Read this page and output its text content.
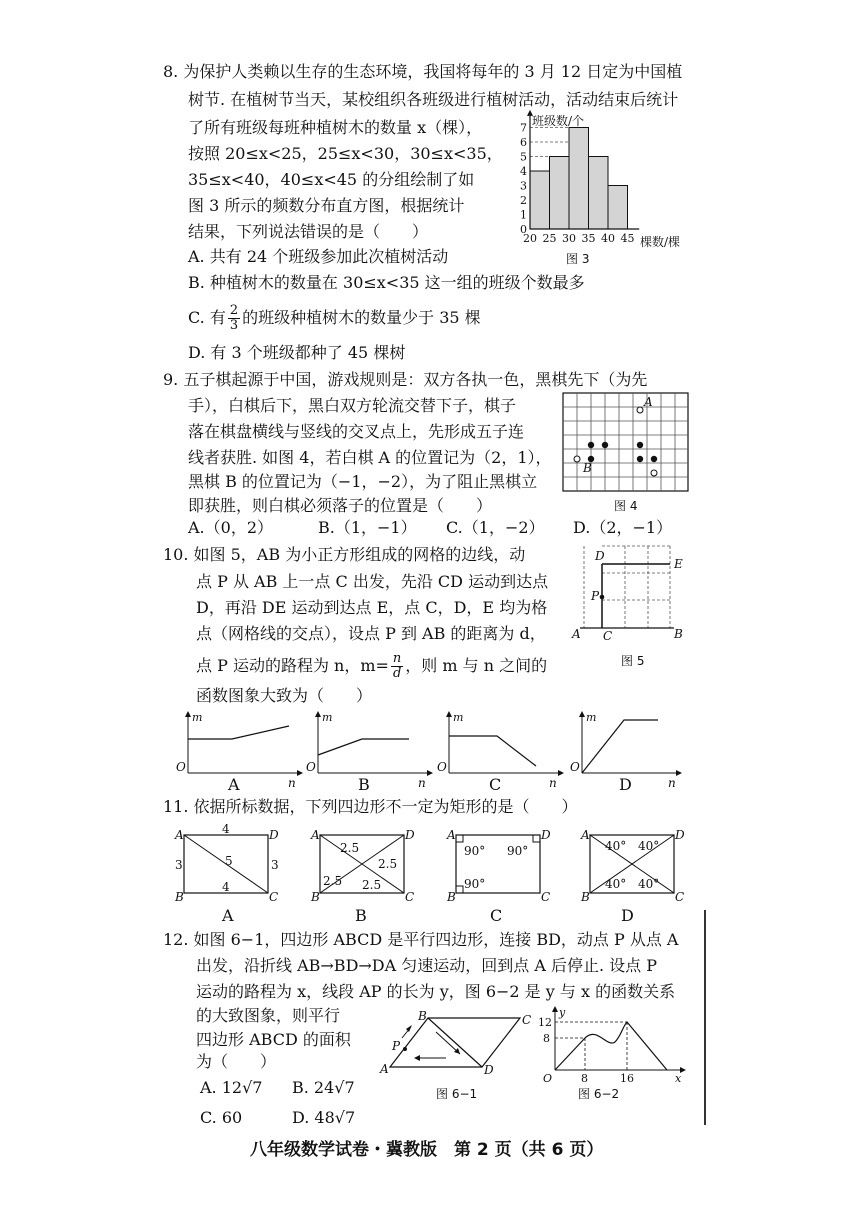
8. 为保护人类赖以生存的生态环境，我国将每年的 3 月 12 日定为中国植
树节. 在植树节当天，某校组织各班级进行植树活动，活动结束后统计
了所有班级每班种植树木的数量 x（棵），
按照 20≤x<25，25≤x<30，30≤x<35，
35≤x<40，40≤x<45 的分组绘制了如
图 3 所示的频数分布直方图，根据统计
结果，下列说法错误的是（　　）
A. 共有 24 个班级参加此次植树活动
B. 种植树木的数量在 30≤x<35 这一组的班级个数最多
C. 有 $\frac{2}{3}$ 的班级种植树木的数量少于 35 棵
D. 有 3 个班级都种了 45 棵树
0
1
2
3
4
5
6
7
20 25 30 35 40 45
班级数/个
棵数/棵
图 3
9. 五子棋起源于中国，游戏规则是：双方各执一色，黑棋先下（为先
手），白棋后下，黑白双方轮流交替下子，棋子
落在棋盘横线与竖线的交叉点上，先形成五子连
线者获胜. 如图 4，若白棋 A 的位置记为（2，1），
黑棋 B 的位置记为（−1，−2），为了阻止黑棋立
即获胜，则白棋必须落子的位置是（　　）
A.（0，2）	B.（1，−1） C.（1，−2） D.（2，−1）
A
B
图 4
10. 如图 5，AB 为小正方形组成的网格的边线，动
点 P 从 AB 上一点 C 出发，先沿 CD 运动到达点
D，再沿 DE 运动到达点 E，点 C，D，E 均为格
点（网格线的交点），设点 P 到 AB 的距离为 d，
点 P 运动的路程为 n，$m= \frac{n}{d}$ ，则 m 与 n 之间的
函数图象大致为（　　）
D
E
P
A C	B
图 5
m
O
n
A
m
O
n
B
m
O
n
C
m
O
n
D
11. 依据所标数据，下列四边形不一定为矩形的是（　　）
A	D
B	C
4
3	3
5
4
A
A	D
B	C
2.5
2.5
2.5 2.5
B
A	D
B	C
90° 90°
90°
C
A	D
B	C
40° 40°
40° 40°
D
12. 如图 6−1，四边形 ABCD 是平行四边形，连接 BD，动点 P 从点 A
出发，沿折线 AB→BD→DA 匀速运动，回到点 A 后停止. 设点 P
运动的路程为 x，线段 AP 的长为 y，图 6−2 是 y 与 x 的函数关系
的大致图象，则平行
四边形 ABCD 的面积
为（　　）
A. 12√7 B. 24√7
C. 60	D. 48√7
B	C
A	D
P
图 6−1
y
12
8
O	8	16	x
图 6−2
八年级数学试卷・冀教版　第 2 页（共 6 页）
